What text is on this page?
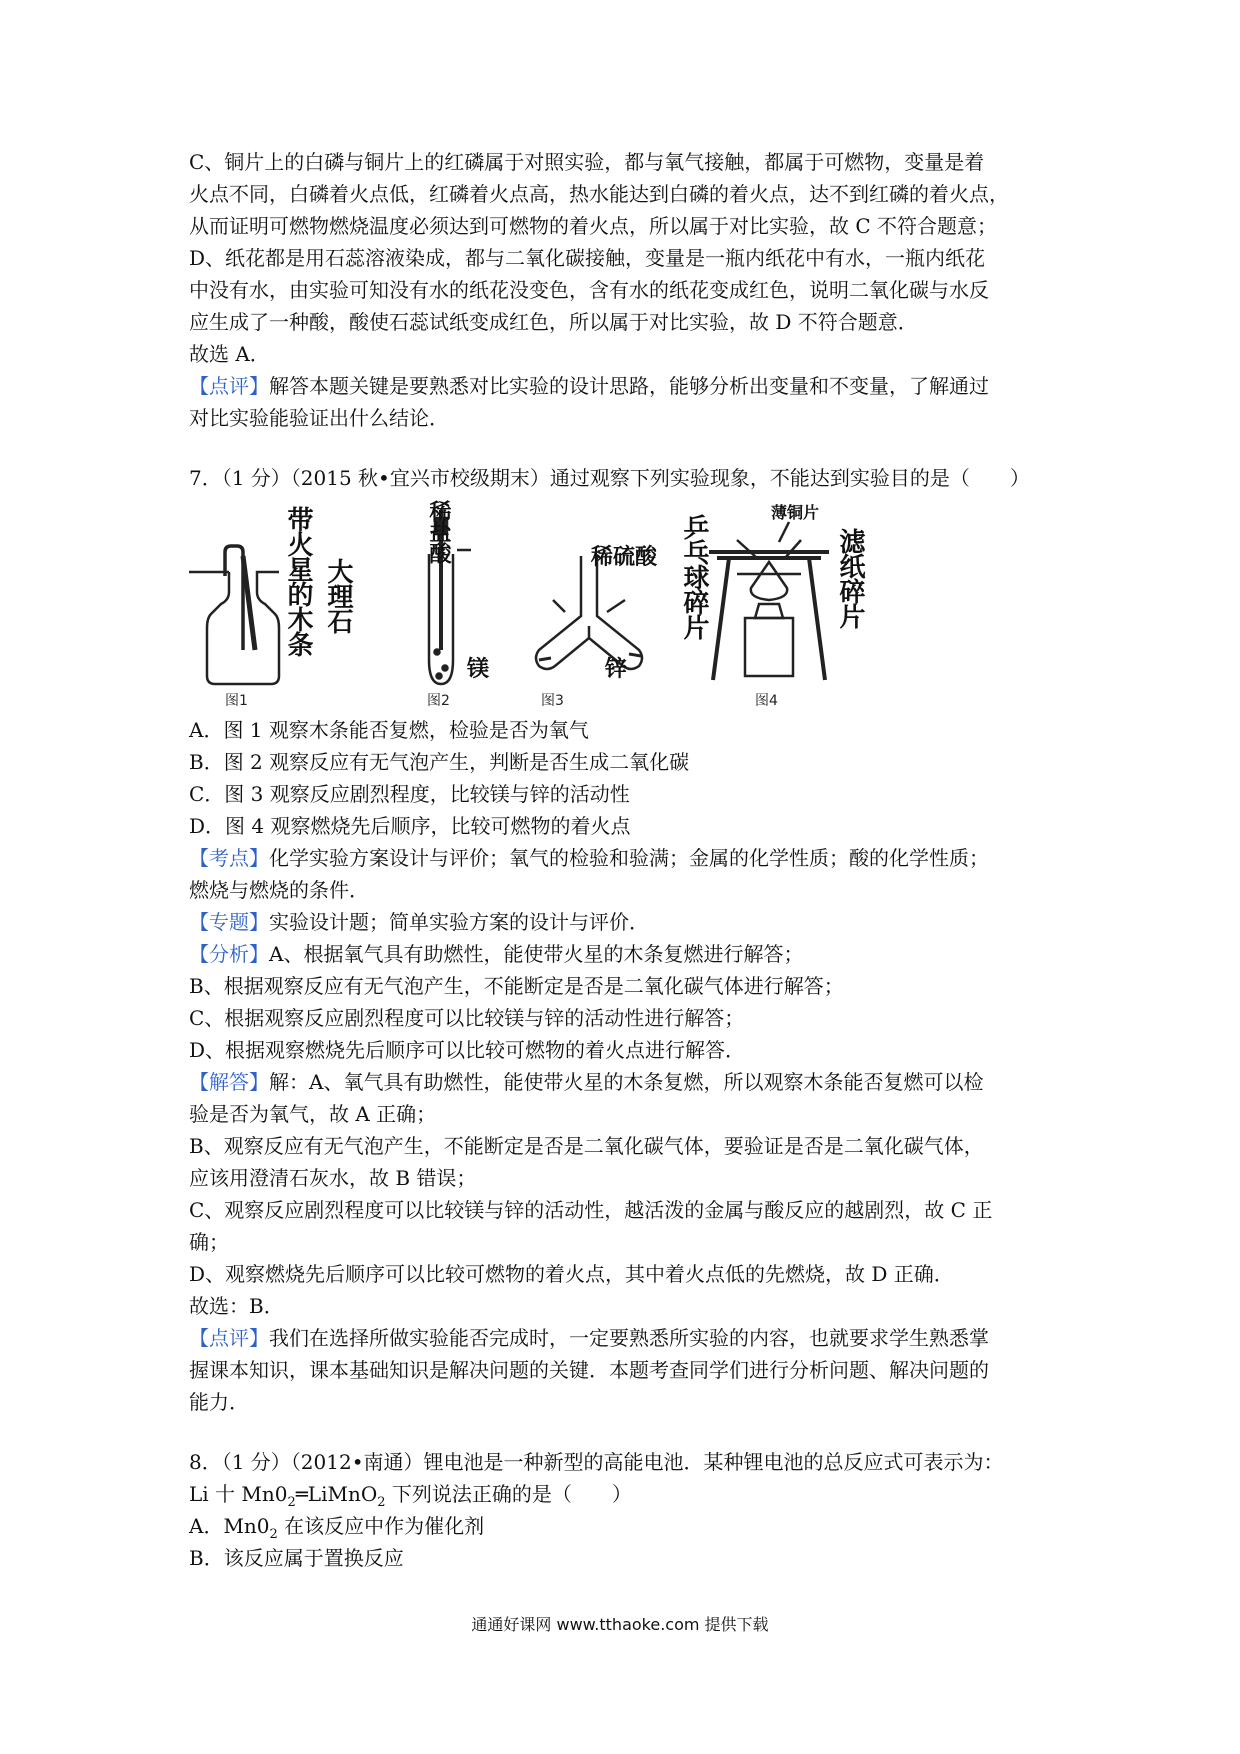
C、铜片上的白磷与铜片上的红磷属于对照实验，都与氧气接触，都属于可燃物，变量是着
火点不同，白磷着火点低，红磷着火点高，热水能达到白磷的着火点，达不到红磷的着火点，
从而证明可燃物燃烧温度必须达到可燃物的着火点，所以属于对比实验，故 C 不符合题意；
D、纸花都是用石蕊溶液染成，都与二氧化碳接触，变量是一瓶内纸花中有水，一瓶内纸花
中没有水，由实验可知没有水的纸花没变色，含有水的纸花变成红色，说明二氧化碳与水反
应生成了一种酸，酸使石蕊试纸变成红色，所以属于对比实验，故 D 不符合题意．
故选 A．
【点评】解答本题关键是要熟悉对比实验的设计思路，能够分析出变量和不变量，了解通过
对比实验能验证出什么结论．
7．（1 分）（2015 秋•宜兴市校级期末）通过观察下列实验现象，不能达到实验目的是（　　）
带火星的木条 大理石
稀盐酸	稀硫酸
镁	锌
薄铜片
乒乓球碎片	滤纸碎片
图1	图2	图3	图4
A．图 1 观察木条能否复燃，检验是否为氧气
B．图 2 观察反应有无气泡产生，判断是否生成二氧化碳
C．图 3 观察反应剧烈程度，比较镁与锌的活动性
D．图 4 观察燃烧先后顺序，比较可燃物的着火点
【考点】化学实验方案设计与评价；氧气的检验和验满；金属的化学性质；酸的化学性质；
燃烧与燃烧的条件．
【专题】实验设计题；简单实验方案的设计与评价．
【分析】A、根据氧气具有助燃性，能使带火星的木条复燃进行解答；
B、根据观察反应有无气泡产生，不能断定是否是二氧化碳气体进行解答；
C、根据观察反应剧烈程度可以比较镁与锌的活动性进行解答；
D、根据观察燃烧先后顺序可以比较可燃物的着火点进行解答．
【解答】解：A、氧气具有助燃性，能使带火星的木条复燃，所以观察木条能否复燃可以检
验是否为氧气，故 A 正确；
B、观察反应有无气泡产生，不能断定是否是二氧化碳气体，要验证是否是二氧化碳气体，
应该用澄清石灰水，故 B 错误；
C、观察反应剧烈程度可以比较镁与锌的活动性，越活泼的金属与酸反应的越剧烈，故 C 正
确；
D、观察燃烧先后顺序可以比较可燃物的着火点，其中着火点低的先燃烧，故 D 正确．
故选：B．
【点评】我们在选择所做实验能否完成时，一定要熟悉所实验的内容，也就要求学生熟悉掌
握课本知识，课本基础知识是解决问题的关键．本题考查同学们进行分析问题、解决问题的
能力．
8．（1 分）（2012•南通）锂电池是一种新型的高能电池．某种锂电池的总反应式可表示为：
Li 十 $Mn0_2═LiMnO_2$ 下列说法正确的是（　　）
A．$Mn0_2$ 在该反应中作为催化剂
B．该反应属于置换反应
通通好课网 www.tthaoke.com 提供下载
